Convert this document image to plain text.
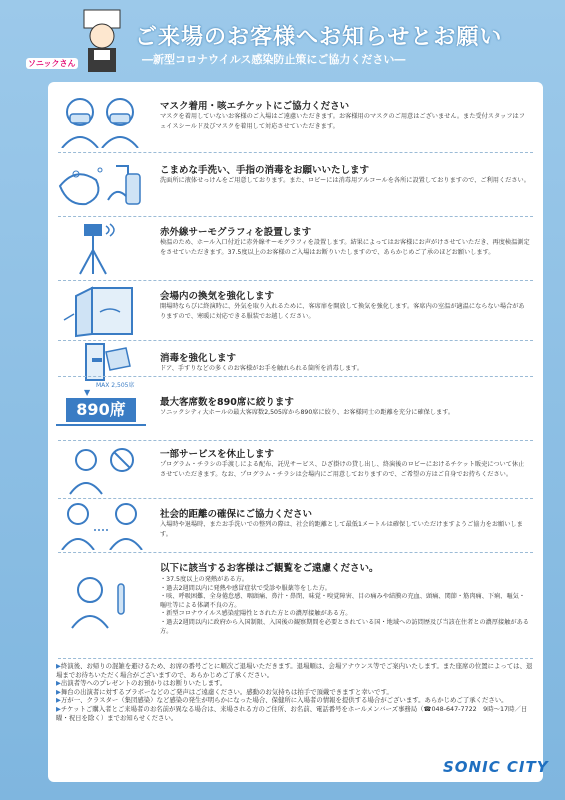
ソニックさん
ご来場のお客様へお知らせとお願い
―新型コロナウイルス感染防止策にご協力ください―
マスク着用・咳エチケットにご協力ください
マスクを着用していないお客様のご入場はご遠慮いただきます。お客様用のマスクのご用意はございません。また受付スタッフはフェイスシールド及びマスクを着用して対応させていただきます。
こまめな手洗い、手指の消毒をお願いいたします
洗面所に液体せっけんをご用意しております。また、ロビーには消毒用アルコールを各所に設置しておりますので、ご利用ください。
赤外線サーモグラフィを設置します
検温のため、ホール入口付近に赤外線サーモグラフィを設置します。結果によってはお客様にお声がけさせていただき、再度検温測定をさせていただきます。37.5度以上のお客様のご入場はお断りいたしますので、あらかじめご了承のほどお願いします。
会場内の換気を強化します
開場時ならびに終演時に、外気を取り入れるために、客席扉を開放して換気を強化します。客席内の室温が適温にならない場合がありますので、寒暖に対応できる服装でお越しください。
消毒を強化します
ドア、手すりなどの多くのお客様がお手を触れられる箇所を消毒します。
MAX 2,505席
▼
890席	最大客席数を890席に絞ります
ソニックシティ大ホールの最大客席数2,505席から890席に絞り、お客様同士の距離を充分に確保します。
一部サービスを休止します
プログラム・チラシの手渡しによる配布、託児サービス、ひざ掛けの貸し出し、終演後のロビーにおけるチケット販売について休止させていただきます。なお、プログラム・チラシは会場内にご用意しておりますので、ご希望の方はご自身でお持ちください。
社会的距離の確保にご協力ください
入場時や退場時、またお手洗いでの整列の際は、社会的距離として最低1メートルは確保していただけますようご協力をお願いします。
以下に該当するお客様はご観覧をご遠慮ください。
・37.5度以上の発熱がある方。
・過去2週間以内に発熱や感冒症状で受診や服薬等をした方。
・咳、呼吸困難、全身倦怠感、咽頭痛、鼻汁・鼻閉、味覚・嗅覚障害、目の痛みや結膜の充血、頭痛、関節・筋肉痛、下痢、嘔気・嘔吐等による体調不良の方。
・新型コロナウイルス感染症陽性とされた方との濃厚接触がある方。
・過去2週間以内に政府から入国制限、入国後の観察期間を必要とされている国・地域への訪問歴及び当該在住者との濃厚接触がある方。
▶終演後、お帰りの混雑を避けるため、お席の番号ごとに順次ご退場いただきます。退場順は、会場アナウンス等でご案内いたします。また座席の位置によっては、退場までお待ちいただく場合がございますので、あらかじめご了承ください。
▶出演者等へのプレゼントのお預かりはお断りいたします。
▶舞台の出演者に対するブラボーなどのご発声はご遠慮ください。感動のお気持ちは拍手で頂戴できますと幸いです。
▶万が一、クラスター（集団感染）など感染の発生が明らかになった場合、保健所に入場者の情報を提供する場合がございます。あらかじめご了承ください。
▶チケットご購入者とご来場者のお名前が異なる場合は、来場される方のご住所、お名前、電話番号をホールメンバーズ事務局（☎048-647-7722　9時〜17時／日曜・祝日を除く）までお知らせください。
SONIC CITY
